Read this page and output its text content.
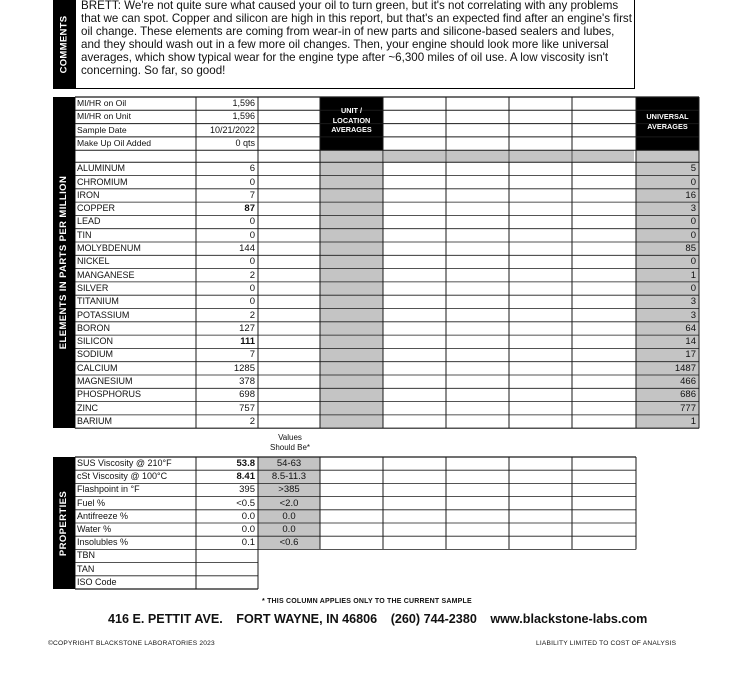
COMMENTS
BRETT: We're not quite sure what caused your oil to turn green, but it's not correlating with any problems
that we can spot. Copper and silicon are high in this report, but that's an expected find after an engine's first
oil change. These elements are coming from wear-in of new parts and silicone-based sealers and lubes,
and they should wash out in a few more oil changes. Then, your engine should look more like universal
averages, which show typical wear for the engine type after ~6,300 miles of oil use. A low viscosity isn't
concerning. So far, so good!
ELEMENTS IN PARTS PER MILLION
MI/HR on Oil	1,596
MI/HR on Unit	1,596
Sample Date	10/21/2022
Make Up Oil Added	0 qts
UNIT /
LOCATION
AVERAGES
UNIVERSAL
AVERAGES
ALUMINUM	6	5
CHROMIUM	0	0
IRON	7	16
COPPER	87	3
LEAD	0	0
TIN	0	0
MOLYBDENUM	144	85
NICKEL	0	0
MANGANESE	2	1
SILVER	0	0
TITANIUM	0	3
POTASSIUM	2	3
BORON	127	64
SILICON	111	14
SODIUM	7	17
CALCIUM	1285	1487
MAGNESIUM	378	466
PHOSPHORUS	698	686
ZINC	757	777
BARIUM	2	1
Values
Should Be*
PROPERTIES
SUS Viscosity @ 210°F	53.8	54-63
cSt Viscosity @ 100°C	8.41	8.5-11.3
Flashpoint in °F	395	>385
Fuel %	<0.5	<2.0
Antifreeze %	0.0	0.0
Water %	0.0	0.0
Insolubles %	0.1	<0.6
TBN
TAN
ISO Code
* THIS COLUMN APPLIES ONLY TO THE CURRENT SAMPLE
416 E. PETTIT AVE. FORT WAYNE, IN 46806 (260) 744-2380 www.blackstone-labs.com
©COPYRIGHT BLACKSTONE LABORATORIES 2023	LIABILITY LIMITED TO COST OF ANALYSIS
